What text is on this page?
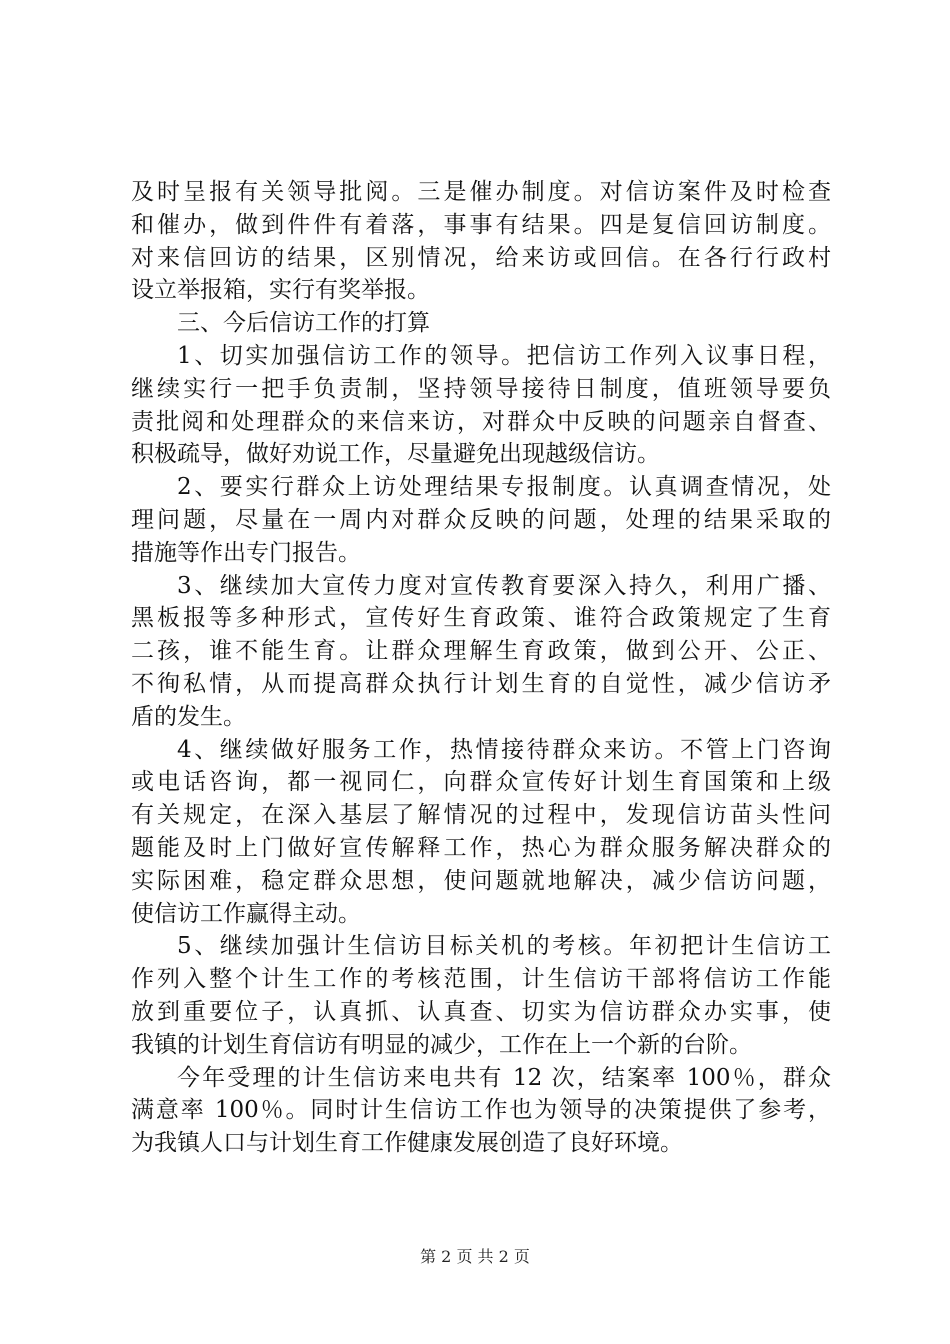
及时呈报有关领导批阅。三是催办制度。对信访案件及时检查
和催办，做到件件有着落，事事有结果。四是复信回访制度。
对来信回访的结果，区别情况，给来访或回信。在各行行政村
设立举报箱，实行有奖举报。
三、今后信访工作的打算
1、切实加强信访工作的领导。把信访工作列入议事日程，
继续实行一把手负责制，坚持领导接待日制度，值班领导要负
责批阅和处理群众的来信来访，对群众中反映的问题亲自督查、
积极疏导，做好劝说工作，尽量避免出现越级信访。
2、要实行群众上访处理结果专报制度。认真调查情况，处
理问题，尽量在一周内对群众反映的问题，处理的结果采取的
措施等作出专门报告。
3、继续加大宣传力度对宣传教育要深入持久，利用广播、
黑板报等多种形式，宣传好生育政策、谁符合政策规定了生育
二孩，谁不能生育。让群众理解生育政策，做到公开、公正、
不徇私情，从而提高群众执行计划生育的自觉性，减少信访矛
盾的发生。
4、继续做好服务工作，热情接待群众来访。不管上门咨询
或电话咨询，都一视同仁，向群众宣传好计划生育国策和上级
有关规定，在深入基层了解情况的过程中，发现信访苗头性问
题能及时上门做好宣传解释工作，热心为群众服务解决群众的
实际困难，稳定群众思想，使问题就地解决，减少信访问题，
使信访工作赢得主动。
5、继续加强计生信访目标关机的考核。年初把计生信访工
作列入整个计生工作的考核范围，计生信访干部将信访工作能
放到重要位子，认真抓、认真查、切实为信访群众办实事，使
我镇的计划生育信访有明显的减少，工作在上一个新的台阶。
今年受理的计生信访来电共有 12 次，结案率 100％，群众
满意率 100％。同时计生信访工作也为领导的决策提供了参考，
为我镇人口与计划生育工作健康发展创造了良好环境。
第 2 页 共 2 页
